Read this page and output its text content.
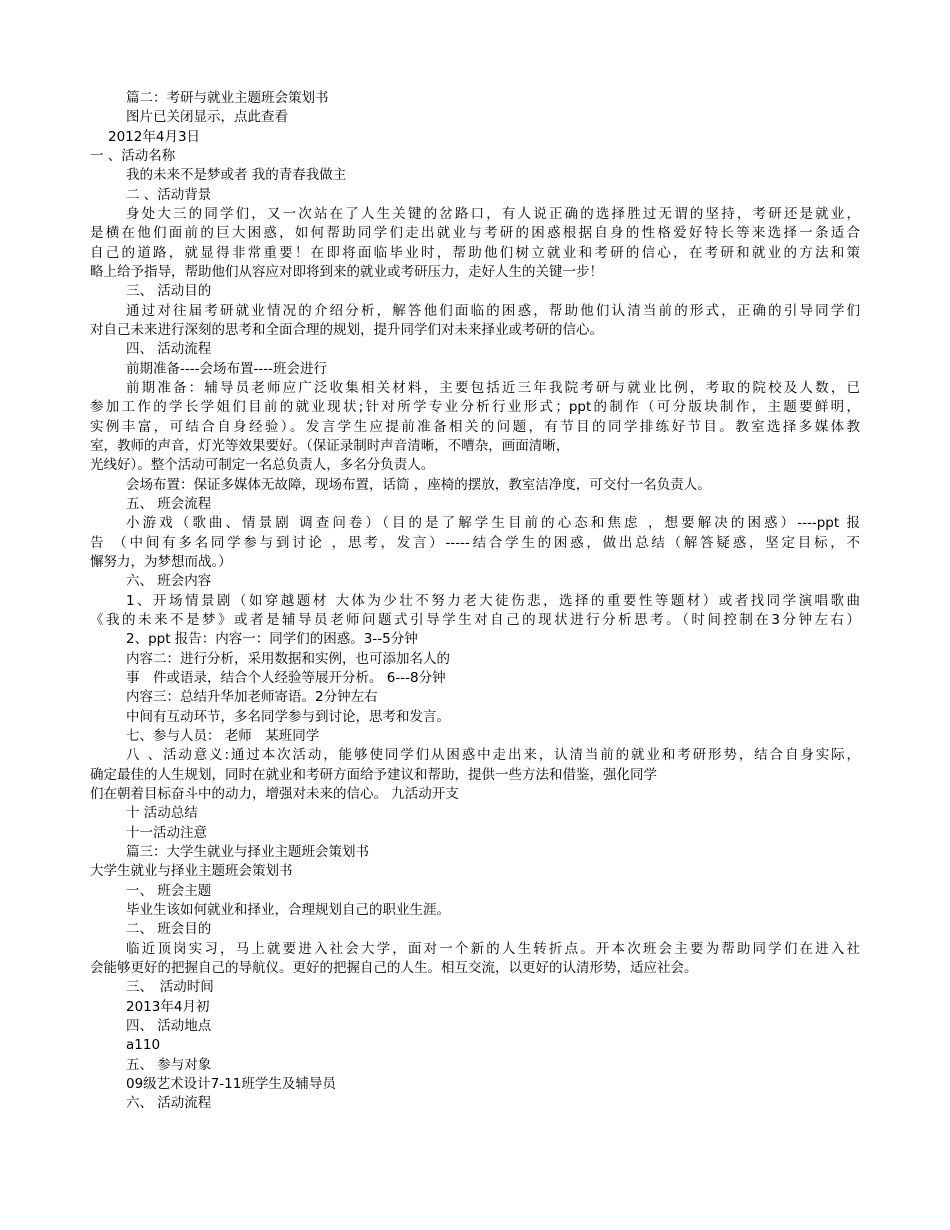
篇二：考研与就业主题班会策划书
图片已关闭显示，点此查看
2012年4月3日
一 、活动名称
我的未来不是梦或者 我的青春我做主
二 、活动背景
身处大三的同学们，又一次站在了人生关键的岔路口，有人说正确的选择胜过无谓的坚持，考研还是就业，
是横在他们面前的巨大困惑，如何帮助同学们走出就业与考研的困惑根据自身的性格爱好特长等来选择一条适合
自己的道路，就显得非常重要！在即将面临毕业时，帮助他们树立就业和考研的信心，在考研和就业的方法和策
略上给予指导，帮助他们从容应对即将到来的就业或考研压力，走好人生的关键一步！
三、 活动目的
通过对往届考研就业情况的介绍分析，解答他们面临的困惑，帮助他们认清当前的形式，正确的引导同学们
对自己未来进行深刻的思考和全面合理的规划，提升同学们对未来择业或考研的信心。
四、 活动流程
前期准备----会场布置----班会进行
前期准备：辅导员老师应广泛收集相关材料，主要包括近三年我院考研与就业比例，考取的院校及人数，已
参加工作的学长学姐们目前的就业现状;针对所学专业分析行业形式；ppt的制作（可分版块制作，主题要鲜明，
实例丰富，可结合自身经验）。发言学生应提前准备相关的问题，有节目的同学排练好节目。教室选择多媒体教
室，教师的声音，灯光等效果要好。（保证录制时声音清晰，不嘈杂，画面清晰，
光线好）。整个活动可制定一名总负责人，多名分负责人。
会场布置：保证多媒体无故障，现场布置，话筒 ，座椅的摆放，教室洁净度，可交付一名负责人。
五、 班会流程
小游戏（歌曲、情景剧 调查问卷）（目的是了解学生目前的心态和焦虑 ，想要解决的困惑）----ppt 报
告 （中间有多名同学参与到讨论 ，思考，发言）-----结合学生的困惑，做出总结（解答疑惑，坚定目标，不
懈努力，为梦想而战。）
六、 班会内容
1、开场情景剧（如穿越题材 大体为少壮不努力老大徒伤悲，选择的重要性等题材）或者找同学演唱歌曲
《我的未来不是梦》或者是辅导员老师问题式引导学生对自己的现状进行分析思考。（时间控制在3分钟左右）
2、ppt 报告：内容一：同学们的困惑。3--5分钟
内容二：进行分析，采用数据和实例，也可添加名人的
事　件或语录，结合个人经验等展开分析。 6---8分钟
内容三：总结升华加老师寄语。2分钟左右
中间有互动环节，多名同学参与到讨论，思考和发言。
七、参与人员： 老师　某班同学
八 、活动意义:通过本次活动，能够使同学们从困惑中走出来，认清当前的就业和考研形势，结合自身实际，
确定最佳的人生规划，同时在就业和考研方面给予建议和帮助，提供一些方法和借鉴，强化同学
们在朝着目标奋斗中的动力，增强对未来的信心。 九活动开支
十 活动总结
十一活动注意
篇三：大学生就业与择业主题班会策划书
大学生就业与择业主题班会策划书
一、 班会主题
毕业生该如何就业和择业，合理规划自己的职业生涯。
二、 班会目的
临近顶岗实习，马上就要进入社会大学，面对一个新的人生转折点。开本次班会主要为帮助同学们在进入社
会能够更好的把握自己的导航仪。更好的把握自己的人生。相互交流，以更好的认清形势，适应社会。
三、　活动时间
2013年4月初
四、 活动地点
a110
五、 参与对象
09级艺术设计7-11班学生及辅导员
六、 活动流程
